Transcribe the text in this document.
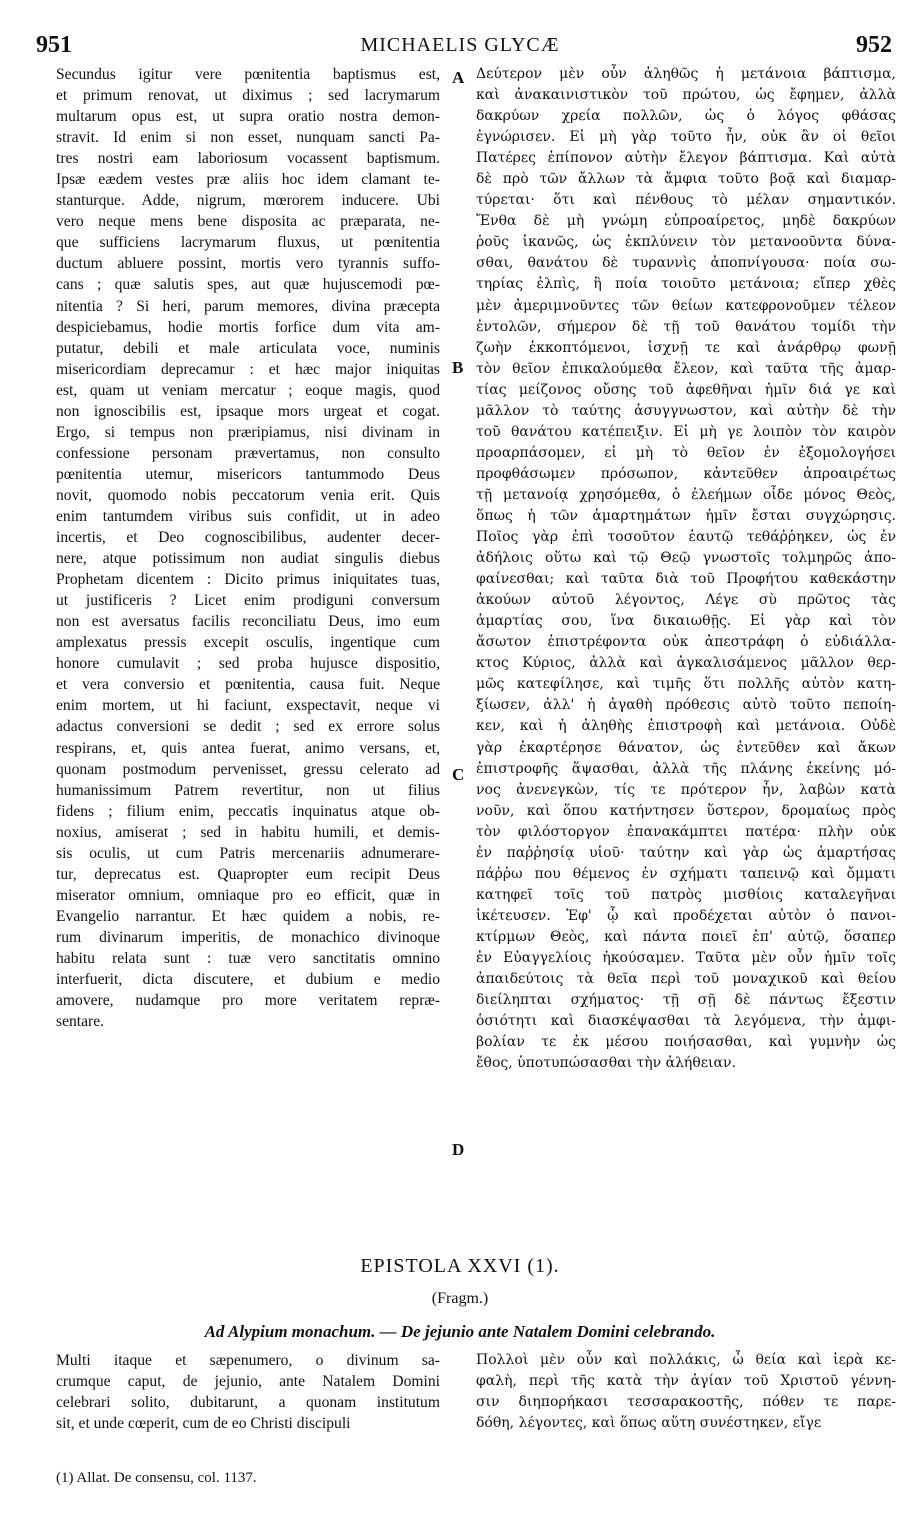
951	MICHAELIS GLYCÆ	952
A
B
C
D
Secundus igitur vere pœnitentia baptismus est,
et primum renovat, ut diximus ; sed lacrymarum
multarum opus est, ut supra oratio nostra demon-
stravit. Id enim si non esset, nunquam sancti Pa-
tres nostri eam laboriosum vocassent baptismum.
Ipsæ eædem vestes præ aliis hoc idem clamant te-
stanturque. Adde, nigrum, mœrorem inducere. Ubi
vero neque mens bene disposita ac præparata, ne-
que sufficiens lacrymarum fluxus, ut pœnitentia
ductum abluere possint, mortis vero tyrannis suffo-
cans ; quæ salutis spes, aut quæ hujuscemodi pœ-
nitentia ? Si heri, parum memores, divina præcepta
despiciebamus, hodie mortis forfice dum vita am-
putatur, debili et male articulata voce, numinis
misericordiam deprecamur : et hæc major iniquitas
est, quam ut veniam mercatur ; eoque magis, quod
non ignoscibilis est, ipsaque mors urgeat et cogat.
Ergo, si tempus non præripiamus, nisi divinam in
confessione personam prævertamus, non consulto
pœnitentia utemur, misericors tantummodo Deus
novit, quomodo nobis peccatorum venia erit. Quis
enim tantumdem viribus suis confidit, ut in adeo
incertis, et Deo cognoscibilibus, audenter decer-
nere, atque potissimum non audiat singulis diebus
Prophetam dicentem : Dicito primus iniquitates tuas,
ut justificeris ? Licet enim prodiguni conversum
non est aversatus facilis reconciliatu Deus, imo eum
amplexatus pressis excepit osculis, ingentique cum
honore cumulavit ; sed proba hujusce dispositio,
et vera conversio et pœnitentia, causa fuit. Neque
enim mortem, ut hi faciunt, exspectavit, neque vi
adactus conversioni se dedit ; sed ex errore solus
respirans, et, quis antea fuerat, animo versans, et,
quonam postmodum pervenisset, gressu celerato ad
humanissimum Patrem revertitur, non ut filius
fidens ; filium enim, peccatis inquinatus atque ob-
noxius, amiserat ; sed in habitu humili, et demis-
sis oculis, ut cum Patris mercenariis adnumerare-
tur, deprecatus est. Quapropter eum recipit Deus
miserator omnium, omniaque pro eo efficit, quæ in
Evangelio narrantur. Et hæc quidem a nobis, re-
rum divinarum imperitis, de monachico divinoque
habitu relata sunt : tuæ vero sanctitatis omnino
interfuerit, dicta discutere, et dubium e medio
amovere, nudamque pro more veritatem repræ-
sentare.
Δεύτερον μὲν οὖν ἀληθῶς ἡ μετάνοια βάπτισμα,
καὶ ἀνακαινιστικὸν τοῦ πρώτου, ὡς ἔφημεν, ἀλλὰ
δακρύων χρεία πολλῶν, ὡς ὁ λόγος φθάσας
ἐγνώρισεν. Εἰ μὴ γὰρ τοῦτο ἦν, οὐκ ἂν οἱ θεῖοι
Πατέρες ἐπίπονον αὐτὴν ἔλεγον βάπτισμα. Καὶ αὐτὰ
δὲ πρὸ τῶν ἄλλων τὰ ἄμφια τοῦτο βοᾷ καὶ διαμαρ-
τύρεται· ὅτι καὶ πένθους τὸ μέλαν σημαντικόν.
Ἔνθα δὲ μὴ γνώμη εὐπροαίρετος, μηδὲ δακρύων
ῥοῦς ἱκανῶς, ὡς ἐκπλύνειν τὸν μετανοοῦντα δύνα-
σθαι, θανάτου δὲ τυραννὶς ἀποπνίγουσα· ποία σω-
τηρίας ἐλπὶς, ἢ ποία τοιοῦτο μετάνοια; εἴπερ χθὲς
μὲν ἀμεριμνοῦντες τῶν θείων κατεφρονοῦμεν τέλεον
ἐντολῶν, σήμερον δὲ τῇ τοῦ θανάτου τομίδι τὴν
ζωὴν ἐκκοπτόμενοι, ἰσχνῇ τε καὶ ἀνάρθρῳ φωνῇ
τὸν θεῖον ἐπικαλούμεθα ἔλεον, καὶ ταῦτα τῆς ἁμαρ-
τίας μείζονος οὔσης τοῦ ἀφεθῆναι ἡμῖν διά γε καὶ
μᾶλλον τὸ ταύτης ἀσυγγνωστον, καὶ αὐτὴν δὲ τὴν
τοῦ θανάτου κατέπειξιν. Εἰ μὴ γε λοιπὸν τὸν καιρὸν
προαρπάσομεν, εἰ μὴ τὸ θεῖον ἐν ἐξομολογήσει
προφθάσωμεν πρόσωπον, κἀντεῦθεν ἀπροαιρέτως
τῇ μετανοίᾳ χρησόμεθα, ὁ ἐλεήμων οἶδε μόνος Θεὸς,
ὅπως ἡ τῶν ἁμαρτημάτων ἡμῖν ἔσται συγχώρησις.
Ποῖος γὰρ ἐπὶ τοσοῦτον ἑαυτῷ τεθάῤῥηκεν, ὡς ἐν
ἀδήλοις οὕτω καὶ τῷ Θεῷ γνωστοῖς τολμηρῶς ἀπο-
φαίνεσθαι; καὶ ταῦτα διὰ τοῦ Προφήτου καθεκάστην
ἀκούων αὐτοῦ λέγοντος, Λέγε σὺ πρῶτος τὰς
ἁμαρτίας σου, ἵνα δικαιωθῇς. Εἰ γὰρ καὶ τὸν
ἄσωτον ἐπιστρέφοντα οὐκ ἀπεστράφη ὁ εὐδιάλλα-
κτος Κύριος, ἀλλὰ καὶ ἀγκαλισάμενος μᾶλλον θερ-
μῶς κατεφίλησε, καὶ τιμῆς ὅτι πολλῆς αὐτὸν κατη-
ξίωσεν, ἀλλ' ἡ ἀγαθὴ πρόθεσις αὐτὸ τοῦτο πεποίη-
κεν, καὶ ἡ ἀληθὴς ἐπιστροφὴ καὶ μετάνοια. Οὐδὲ
γὰρ ἐκαρτέρησε θάνατον, ὡς ἐντεῦθεν καὶ ἄκων
ἐπιστροφῆς ἅψασθαι, ἀλλὰ τῆς πλάνης ἐκείνης μό-
νος ἀνενεγκὼν, τίς τε πρότερον ἦν, λαβὼν κατὰ
νοῦν, καὶ ὅπου κατήντησεν ὕστερον, δρομαίως πρὸς
τὸν φιλόστοργον ἐπανακάμπτει πατέρα· πλὴν οὐκ
ἐν παῤῥησίᾳ υἱοῦ· ταύτην καὶ γὰρ ὡς ἁμαρτήσας
πάῤῥω που θέμενος ἐν σχήματι ταπεινῷ καὶ ὄμματι
κατηφεῖ τοῖς τοῦ πατρὸς μισθίοις καταλεγῆναι
ἱκέτευσεν. Ἐφ' ᾧ καὶ προδέχεται αὐτὸν ὁ πανοι-
κτίρμων Θεὸς, καὶ πάντα ποιεῖ ἐπ' αὐτῷ, ὅσαπερ
ἐν Εὐαγγελίοις ἠκούσαμεν. Ταῦτα μὲν οὖν ἡμῖν τοῖς
ἀπαιδεύτοις τὰ θεῖα περὶ τοῦ μοναχικοῦ καὶ θείου
διείληπται σχήματος· τῇ σῇ δὲ πάντως ἔξεστιν
ὁσιότητι καὶ διασκέψασθαι τὰ λεγόμενα, τὴν ἀμφι-
βολίαν τε ἐκ μέσου ποιήσασθαι, καὶ γυμνὴν ὡς
ἔθος, ὑποτυπώσασθαι τὴν ἀλήθειαν.
EPISTOLA XXVI (1).
(Fragm.)
Ad Alypium monachum. — De jejunio ante Natalem Domini celebrando.
Multi itaque et sæpenumero, o divinum sa-
crumque caput, de jejunio, ante Natalem Domini
celebrari solito, dubitarunt, a quonam institutum
sit, et unde cœperit, cum de eo Christi discipuli
Πολλοὶ μὲν οὖν καὶ πολλάκις, ὦ θεία καὶ ἱερὰ κε-
φαλὴ, περὶ τῆς κατὰ τὴν ἁγίαν τοῦ Χριστοῦ γέννη-
σιν διηπορήκασι τεσσαρακοστῆς, πόθεν τε παρε-
δόθη, λέγοντες, καὶ ὅπως αὕτη συνέστηκεν, εἴγε
(1) Allat. De consensu, col. 1137.
